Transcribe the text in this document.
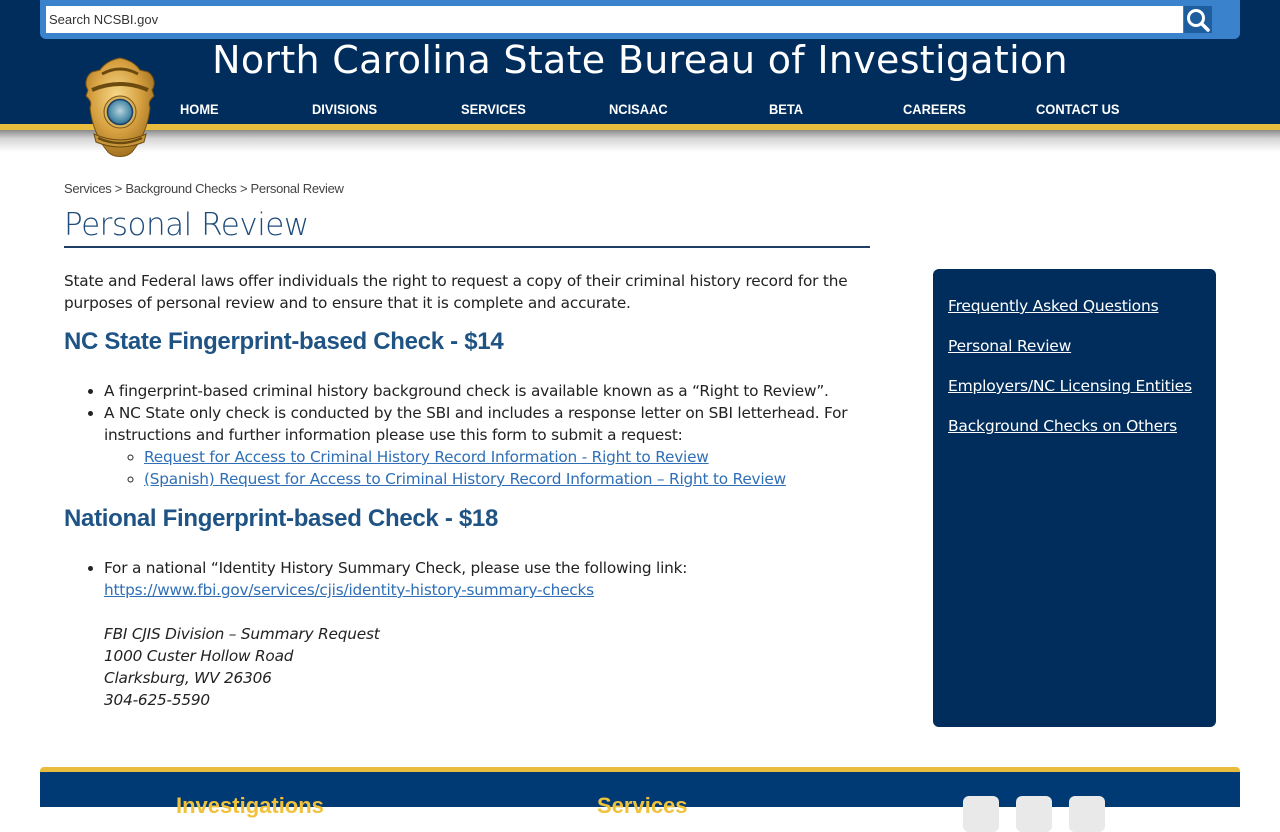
Search NCSBI.gov
North Carolina State Bureau of Investigation
HOME	DIVISIONS	SERVICES	NCISAAC	BETA	CAREERS	CONTACT US
Services > Background Checks > Personal Review
Personal Review

State and Federal laws offer individuals the right to request a copy of their criminal history record for the purposes of personal review and to ensure that it is complete and accurate.

NC State Fingerprint-based Check - $14
• A fingerprint-based criminal history background check is available known as a “Right to Review”.
• A NC State only check is conducted by the SBI and includes a response letter on SBI letterhead. For instructions and further information please use this form to submit a request:
◦ Request for Access to Criminal History Record Information - Right to Review
◦ (Spanish) Request for Access to Criminal History Record Information – Right to Review
National Fingerprint-based Check - $18
• For a national “Identity History Summary Check, please use the following link:
https://www.fbi.gov/services/cjis/identity-history-summary-checks

FBI CJIS Division – Summary Request
1000 Custer Hollow Road
Clarksburg, WV 26306
304-625-5590
Frequently Asked Questions
Personal Review
Employers/NC Licensing Entities
Background Checks on Others
Investigations	Services
